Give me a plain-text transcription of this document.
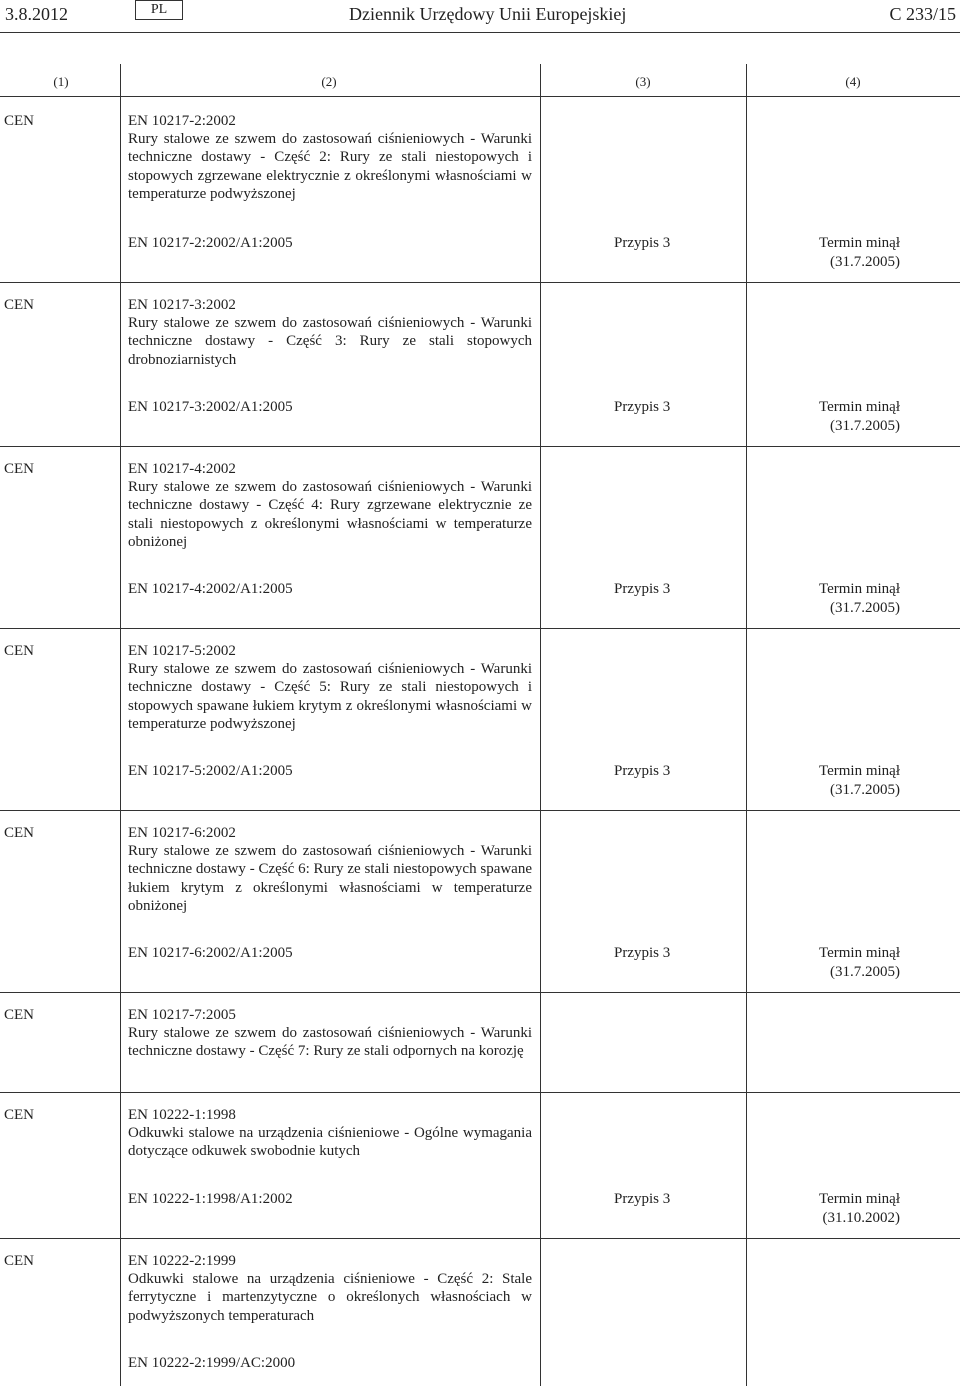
3.8.2012	PL	Dziennik Urzędowy Unii Europejskiej	C 233/15
(1)	(2)	(3)	(4)
CEN	EN 10217-2:2002
Rury stalowe ze szwem do zastosowań ciśnieniowych - Warunki techniczne dostawy - Część 2: Rury ze stali niestopowych i stopowych zgrzewane elektrycznie z określonymi własnościami w temperaturze podwyższonej
EN 10217-2:2002/A1:2005	Przypis 3	Termin minął
(31.7.2005)
CEN	EN 10217-3:2002
Rury stalowe ze szwem do zastosowań ciśnieniowych - Warunki techniczne dostawy - Część 3: Rury ze stali stopowych drobnoziarnistych
EN 10217-3:2002/A1:2005	Przypis 3	Termin minął
(31.7.2005)
CEN	EN 10217-4:2002
Rury stalowe ze szwem do zastosowań ciśnieniowych - Warunki techniczne dostawy - Część 4: Rury zgrzewane elektrycznie ze stali niestopowych z określonymi własnościami w temperaturze obniżonej
EN 10217-4:2002/A1:2005	Przypis 3	Termin minął
(31.7.2005)
CEN	EN 10217-5:2002
Rury stalowe ze szwem do zastosowań ciśnieniowych - Warunki techniczne dostawy - Część 5: Rury ze stali niestopowych i stopowych spawane łukiem krytym z określonymi własnościami w temperaturze podwyższonej
EN 10217-5:2002/A1:2005	Przypis 3	Termin minął
(31.7.2005)
CEN	EN 10217-6:2002
Rury stalowe ze szwem do zastosowań ciśnieniowych - Warunki techniczne dostawy - Część 6: Rury ze stali niestopowych spawane łukiem krytym z określonymi własnościami w temperaturze obniżonej
EN 10217-6:2002/A1:2005	Przypis 3	Termin minął
(31.7.2005)
CEN	EN 10217-7:2005
Rury stalowe ze szwem do zastosowań ciśnieniowych - Warunki techniczne dostawy - Część 7: Rury ze stali odpornych na korozję
CEN	EN 10222-1:1998
Odkuwki stalowe na urządzenia ciśnieniowe - Ogólne wymagania dotyczące odkuwek swobodnie kutych
EN 10222-1:1998/A1:2002	Przypis 3	Termin minął
(31.10.2002)
CEN	EN 10222-2:1999
Odkuwki stalowe na urządzenia ciśnieniowe - Część 2: Stale ferrytyczne i martenzytyczne o określonych własnościach w podwyższonych temperaturach
EN 10222-2:1999/AC:2000
